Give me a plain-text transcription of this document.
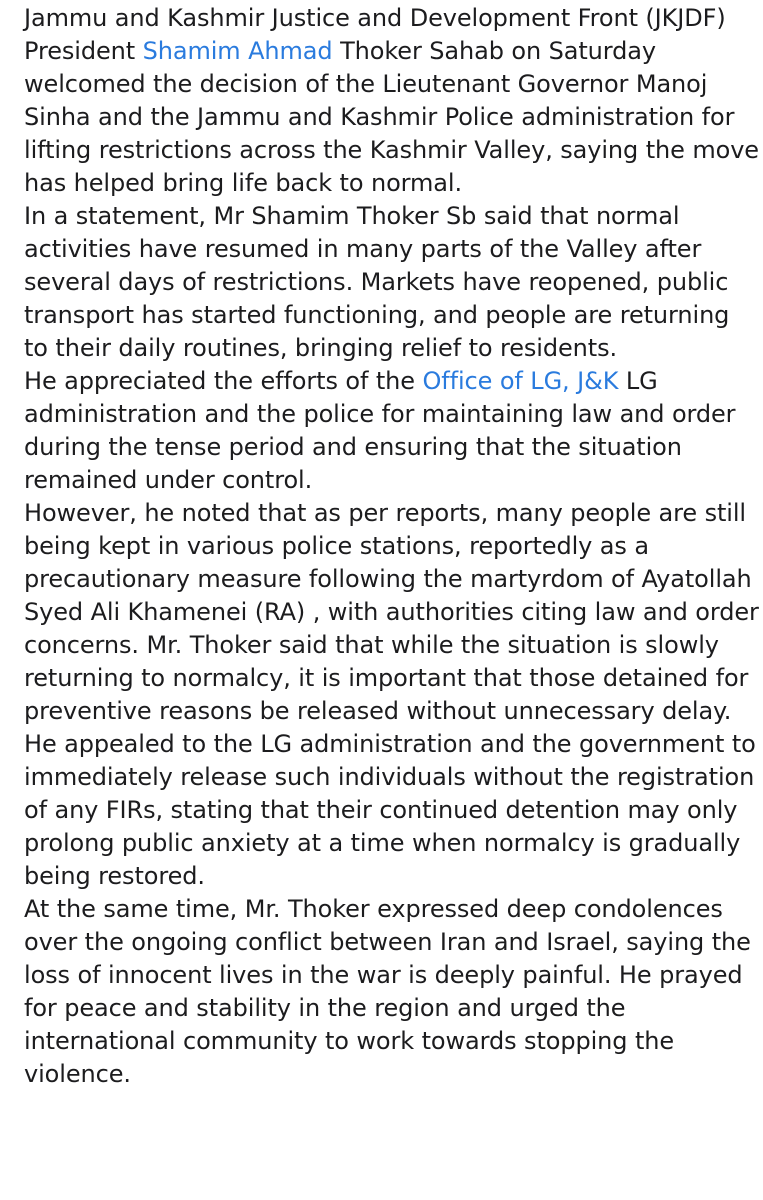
Jammu and Kashmir Justice and Development Front (JKJDF) President Shamim Ahmad Thoker Sahab on Saturday welcomed the decision of the Lieutenant Governor Manoj Sinha and the Jammu and Kashmir Police administration for lifting restrictions across the Kashmir Valley, saying the move has helped bring life back to normal.

In a statement, Mr Shamim Thoker Sb said that normal activities have resumed in many parts of the Valley after several days of restrictions. Markets have reopened, public transport has started functioning, and people are returning to their daily routines, bringing relief to residents.

He appreciated the efforts of the Office of LG, J&K LG administration and the police for maintaining law and order during the tense period and ensuring that the situation remained under control.

However, he noted that as per reports, many people are still being kept in various police stations, reportedly as a precautionary measure following the martyrdom of Ayatollah Syed Ali Khamenei (RA) , with authorities citing law and order concerns. Mr. Thoker said that while the situation is slowly returning to normalcy, it is important that those detained for preventive reasons be released without unnecessary delay.

He appealed to the LG administration and the government to immediately release such individuals without the registration of any FIRs, stating that their continued detention may only prolong public anxiety at a time when normalcy is gradually being restored.

At the same time, Mr. Thoker expressed deep condolences over the ongoing conflict between Iran and Israel, saying the loss of innocent lives in the war is deeply painful. He prayed for peace and stability in the region and urged the international community to work towards stopping the violence.
